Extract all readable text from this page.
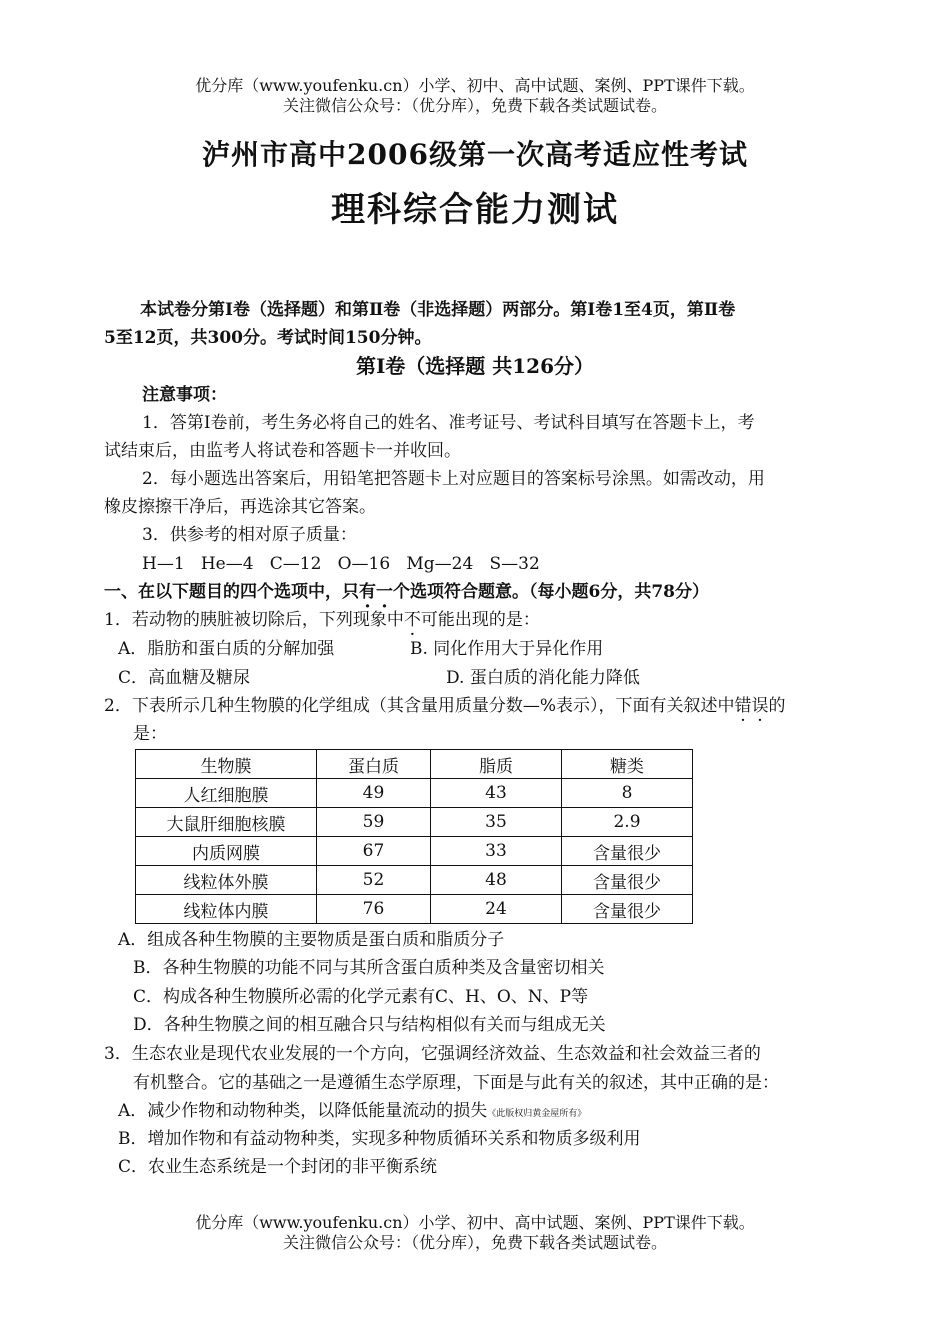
优分库（www.youfenku.cn）小学、初中、高中试题、案例、PPT课件下载。
关注微信公众号：（优分库），免费下载各类试题试卷。
泸州市高中2006级第一次高考适应性考试
理科综合能力测试
本试卷分第Ⅰ卷（选择题）和第Ⅱ卷（非选择题）两部分。第Ⅰ卷1至4页，第Ⅱ卷
5至12页，共300分。考试时间150分钟。
第Ⅰ卷（选择题 共126分）
注意事项：
1．答第Ⅰ卷前，考生务必将自己的姓名、准考证号、考试科目填写在答题卡上，考
试结束后，由监考人将试卷和答题卡一并收回。
2．每小题选出答案后，用铅笔把答题卡上对应题目的答案标号涂黑。如需改动，用
橡皮擦擦干净后，再选涂其它答案。
3．供参考的相对原子质量：
H—1   He—4   C—12   O—16   Mg—24   S—32
一、在以下题目的四个选项中，只有一个选项符合题意。（每小题6分，共78分）
1．若动物的胰脏被切除后，下列现象中不可能出现的是：
A．脂肪和蛋白质的分解加强	B. 同化作用大于异化作用
C．高血糖及糖尿	D. 蛋白质的消化能力降低
2．下表所示几种生物膜的化学组成（其含量用质量分数—%表示），下面有关叙述中错误的
是：
生物膜	蛋白质	脂质	糖类
人红细胞膜	49	43	8
大鼠肝细胞核膜	59	35	2.9
内质网膜	67	33	含量很少
线粒体外膜	52	48	含量很少
线粒体内膜	76	24	含量很少
A．组成各种生物膜的主要物质是蛋白质和脂质分子
B．各种生物膜的功能不同与其所含蛋白质种类及含量密切相关
C．构成各种生物膜所必需的化学元素有C、H、O、N、P等
D．各种生物膜之间的相互融合只与结构相似有关而与组成无关
3．生态农业是现代农业发展的一个方向，它强调经济效益、生态效益和社会效益三者的
有机整合。它的基础之一是遵循生态学原理，下面是与此有关的叙述，其中正确的是：
A．减少作物和动物种类，以降低能量流动的损失《此版权归黄金屋所有》
B．增加作物和有益动物种类，实现多种物质循环关系和物质多级利用
C．农业生态系统是一个封闭的非平衡系统
优分库（www.youfenku.cn）小学、初中、高中试题、案例、PPT课件下载。
关注微信公众号：（优分库），免费下载各类试题试卷。
